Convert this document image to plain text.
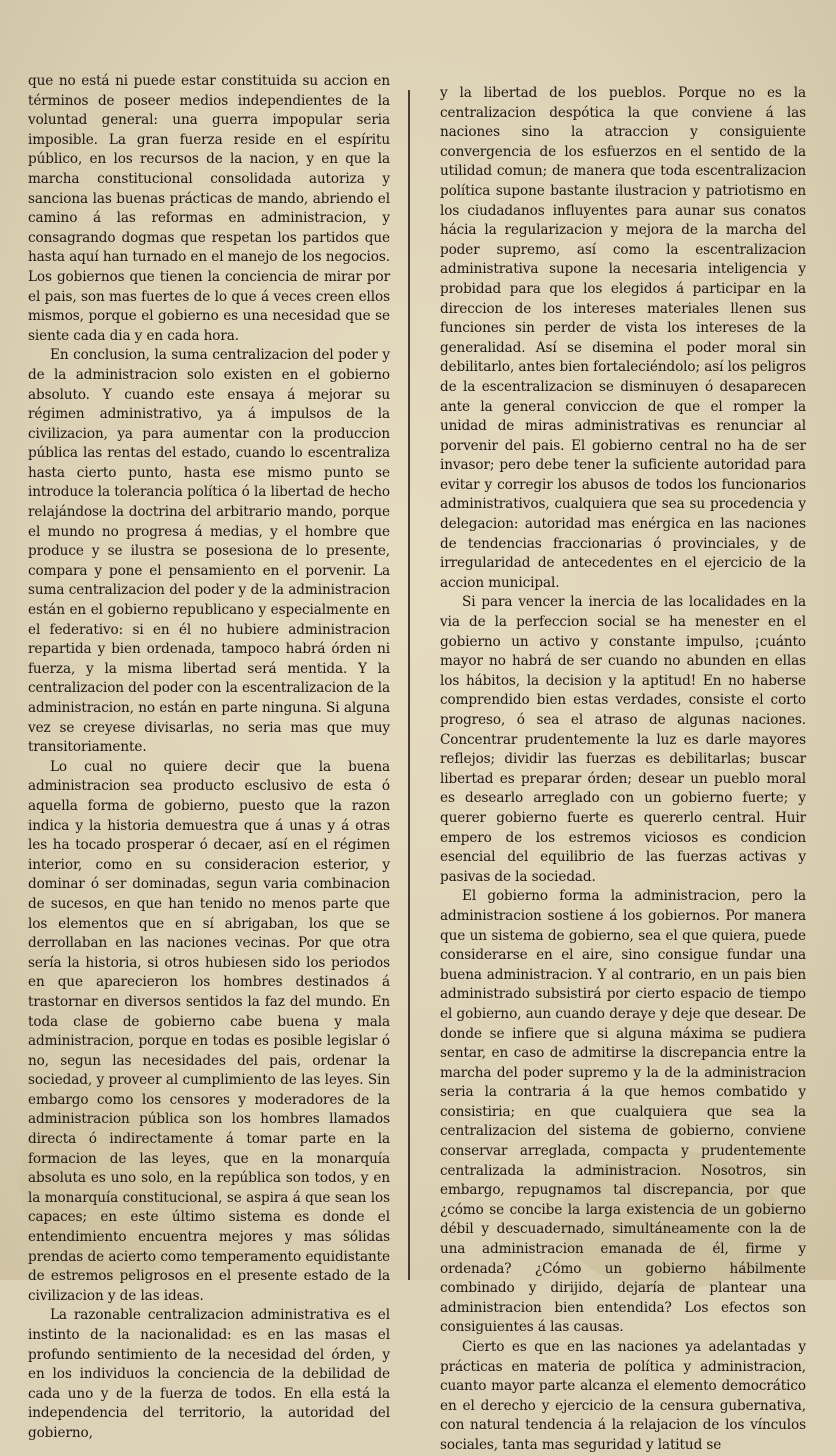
que no está ni puede estar constituida su accion en términos de poseer medios independientes de la voluntad general: una guerra impopular seria imposible. La gran fuerza reside en el espíritu público, en los recursos de la nacion, y en que la marcha constitucional consolidada autoriza y sanciona las buenas prácticas de mando, abriendo el camino á las reformas en administracion, y consagrando dogmas que respetan los partidos que hasta aquí han turnado en el manejo de los negocios. Los gobiernos que tienen la conciencia de mirar por el pais, son mas fuertes de lo que á veces creen ellos mismos, porque el gobierno es una necesidad que se siente cada dia y en cada hora.

En conclusion, la suma centralizacion del poder y de la administracion solo existen en el gobierno absoluto. Y cuando este ensaya á mejorar su régimen administrativo, ya á impulsos de la civilizacion, ya para aumentar con la produccion pública las rentas del estado, cuando lo escentraliza hasta cierto punto, hasta ese mismo punto se introduce la tolerancia política ó la libertad de hecho relajándose la doctrina del arbitrario mando, porque el mundo no progresa á medias, y el hombre que produce y se ilustra se posesiona de lo presente, compara y pone el pensamiento en el porvenir. La suma centralizacion del poder y de la administracion están en el gobierno republicano y especialmente en el federativo: si en él no hubiere administracion repartida y bien ordenada, tampoco habrá órden ni fuerza, y la misma libertad será mentida. Y la centralizacion del poder con la escentralizacion de la administracion, no están en parte ninguna. Si alguna vez se creyese divisarlas, no seria mas que muy transitoriamente.

Lo cual no quiere decir que la buena administracion sea producto esclusivo de esta ó aquella forma de gobierno, puesto que la razon indica y la historia demuestra que á unas y á otras les ha tocado prosperar ó decaer, así en el régimen interior, como en su consideracion esterior, y dominar ó ser dominadas, segun varia combinacion de sucesos, en que han tenido no menos parte que los elementos que en sí abrigaban, los que se derrollaban en las naciones vecinas. Por que otra sería la historia, si otros hubiesen sido los periodos en que aparecieron los hombres destinados á trastornar en diversos sentidos la faz del mundo. En toda clase de gobierno cabe buena y mala administracion, porque en todas es posible legislar ó no, segun las necesidades del pais, ordenar la sociedad, y proveer al cumplimiento de las leyes. Sin embargo como los censores y moderadores de la administracion pública son los hombres llamados directa ó indirectamente á tomar parte en la formacion de las leyes, que en la monarquía absoluta es uno solo, en la república son todos, y en la monarquía constitucional, se aspira á que sean los capaces; en este último sistema es donde el entendimiento encuentra mejores y mas sólidas prendas de acierto como temperamento equidistante de estremos peligrosos en el presente estado de la civilizacion y de las ideas.

La razonable centralizacion administrativa es el instinto de la nacionalidad: es en las masas el profundo sentimiento de la necesidad del órden, y en los individuos la conciencia de la debilidad de cada uno y de la fuerza de todos. En ella está la independencia del territorio, la autoridad del gobierno,

y la libertad de los pueblos. Porque no es la centralizacion despótica la que conviene á las naciones sino la atraccion y consiguiente convergencia de los esfuerzos en el sentido de la utilidad comun; de manera que toda escentralizacion política supone bastante ilustracion y patriotismo en los ciudadanos influyentes para aunar sus conatos hácia la regularizacion y mejora de la marcha del poder supremo, así como la escentralizacion administrativa supone la necesaria inteligencia y probidad para que los elegidos á participar en la direccion de los intereses materiales llenen sus funciones sin perder de vista los intereses de la generalidad. Así se disemina el poder moral sin debilitarlo, antes bien fortaleciéndolo; así los peligros de la escentralizacion se disminuyen ó desaparecen ante la general conviccion de que el romper la unidad de miras administrativas es renunciar al porvenir del pais. El gobierno central no ha de ser invasor; pero debe tener la suficiente autoridad para evitar y corregir los abusos de todos los funcionarios administrativos, cualquiera que sea su procedencia y delegacion: autoridad mas enérgica en las naciones de tendencias fraccionarias ó provinciales, y de irregularidad de antecedentes en el ejercicio de la accion municipal.

Si para vencer la inercia de las localidades en la via de la perfeccion social se ha menester en el gobierno un activo y constante impulso, ¡cuánto mayor no habrá de ser cuando no abunden en ellas los hábitos, la decision y la aptitud! En no haberse comprendido bien estas verdades, consiste el corto progreso, ó sea el atraso de algunas naciones. Concentrar prudentemente la luz es darle mayores reflejos; dividir las fuerzas es debilitarlas; buscar libertad es preparar órden; desear un pueblo moral es desearlo arreglado con un gobierno fuerte; y querer gobierno fuerte es quererlo central. Huir empero de los estremos viciosos es condicion esencial del equilibrio de las fuerzas activas y pasivas de la sociedad.

El gobierno forma la administracion, pero la administracion sostiene á los gobiernos. Por manera que un sistema de gobierno, sea el que quiera, puede considerarse en el aire, sino consigue fundar una buena administracion. Y al contrario, en un pais bien administrado subsistirá por cierto espacio de tiempo el gobierno, aun cuando deraye y deje que desear. De donde se infiere que si alguna máxima se pudiera sentar, en caso de admitirse la discrepancia entre la marcha del poder supremo y la de la administracion seria la contraria á la que hemos combatido y consistiria; en que cualquiera que sea la centralizacion del sistema de gobierno, conviene conservar arreglada, compacta y prudentemente centralizada la administracion. Nosotros, sin embargo, repugnamos tal discrepancia, por que ¿cómo se concibe la larga existencia de un gobierno débil y descuadernado, simultáneamente con la de una administracion emanada de él, firme y ordenada? ¿Cómo un gobierno hábilmente combinado y dirijido, dejaría de plantear una administracion bien entendida? Los efectos son consiguientes á las causas.

Cierto es que en las naciones ya adelantadas y prácticas en materia de política y administracion, cuanto mayor parte alcanza el elemento democrático en el derecho y ejercicio de la censura gubernativa, con natural tendencia á la relajacion de los vínculos sociales, tanta mas seguridad y latitud se
